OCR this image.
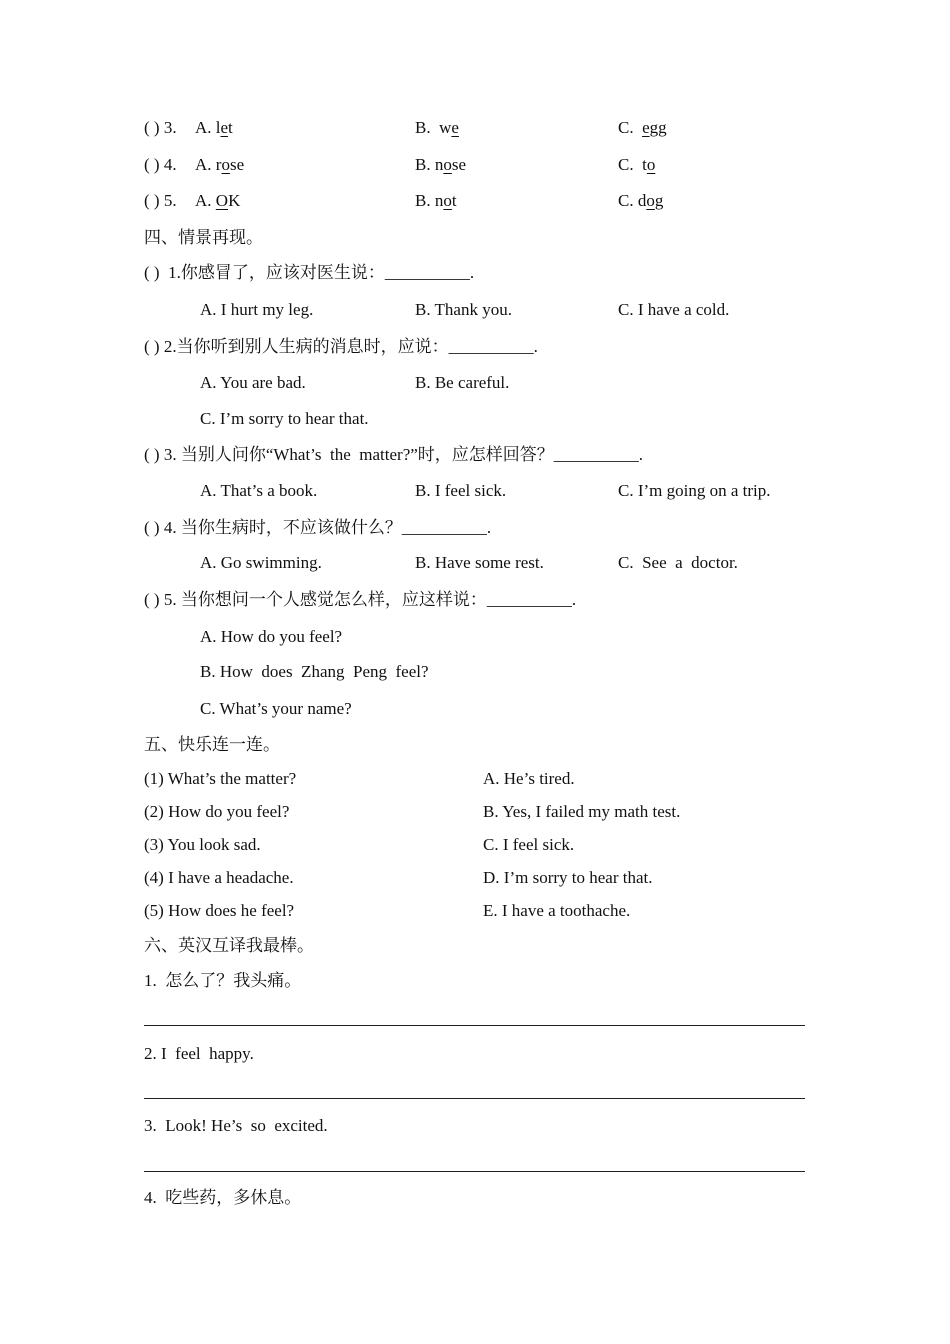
( ) 3. A. let	B.  we	C.  egg
( ) 4. A. rose	B. nose	C.  to
( ) 5. A. OK	B. not	C. dog
四、情景再现。
( )  1.你感冒了，应该对医生说：__________.
A. I hurt my leg.	B. Thank you.	C. I have a cold.
( ) 2.当你听到别人生病的消息时，应说：__________.
A. You are bad.	B. Be careful.
C. I’m sorry to hear that.
( ) 3. 当别人问你“What’s  the  matter?”时，应怎样回答？__________.
A. That’s a book.	B. I feel sick.	C. I’m going on a trip.
( ) 4. 当你生病时，不应该做什么？__________.
A. Go swimming.	B. Have some rest.	C.  See  a  doctor.
( ) 5. 当你想问一个人感觉怎么样，应这样说：__________.
A. How do you feel?
B. How  does  Zhang  Peng  feel?
C. What’s your name?
五、快乐连一连。
(1) What’s the matter?	A. He’s tired.
(2) How do you feel?	B. Yes, I failed my math test.
(3) You look sad.	C. I feel sick.
(4) I have a headache.	D. I’m sorry to hear that.
(5) How does he feel?	E. I have a toothache.
六、英汉互译我最棒。
1.  怎么了？我头痛。
2. I  feel  happy.
3.  Look! He’s  so  excited.
4.  吃些药，多休息。
